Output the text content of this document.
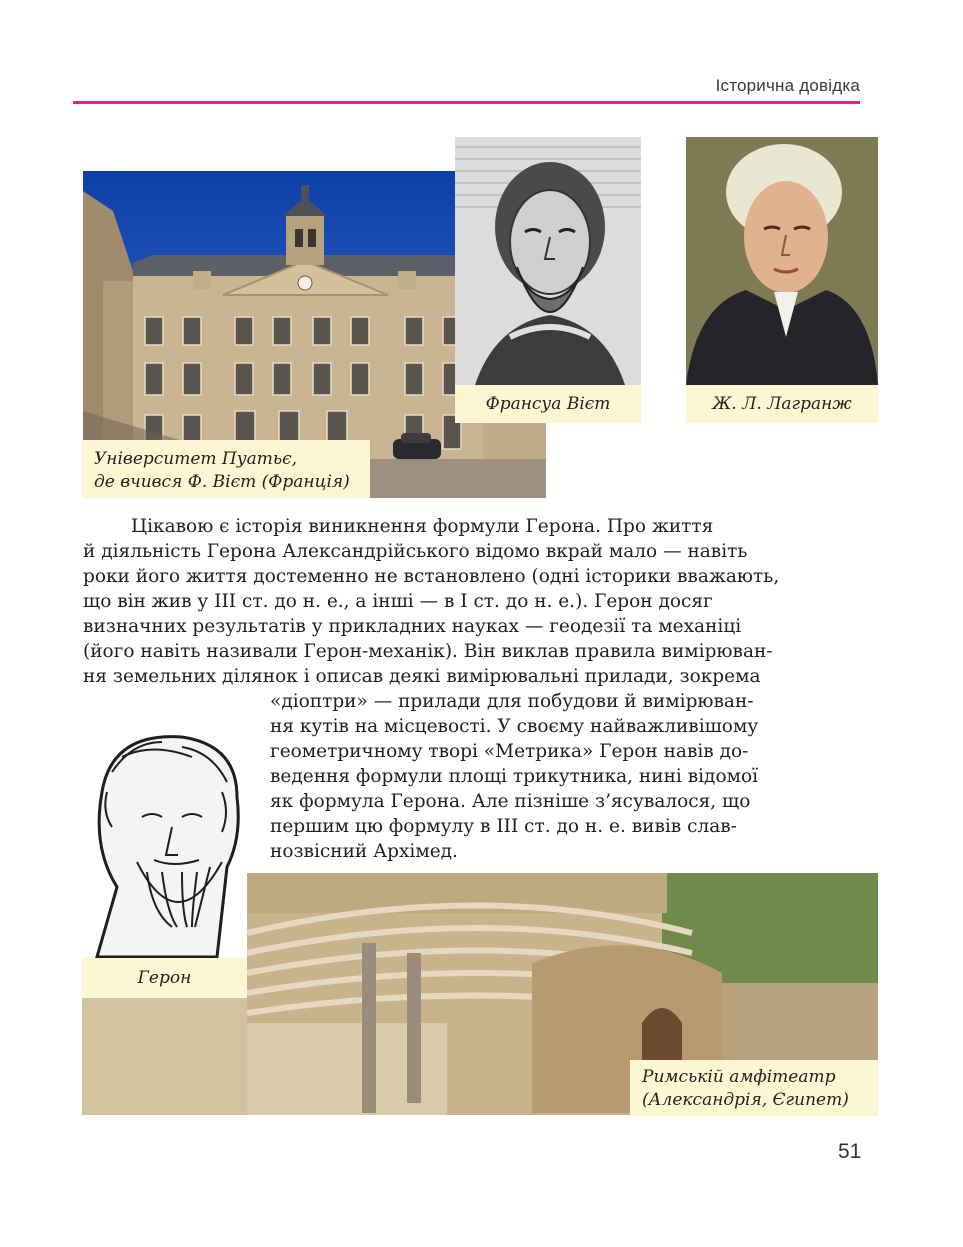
Історична довідка
Університет Пуатьє,
де вчився Ф. Вієт (Франція)
Франсуа Вієт	Ж. Л. Лагранж
Цікавою є історія виникнення формули Герона. Про життя
й діяльність Герона Александрійського відомо вкрай мало — навіть
роки його життя достеменно не встановлено (одні історики вважають,
що він жив у III ст. до н. е., а інші — в I ст. до н. е.). Герон досяг
визначних результатів у прикладних науках — геодезії та механіці
(його навіть називали Герон-механік). Він виклав правила вимірюван-
ня земельних ділянок і описав деякі вимірювальні прилади, зокрема
«діоптри» — прилади для побудови й вимірюван-
ня кутів на місцевості. У своєму найважливішому
геометричному творі «Метрика» Герон навів до-
ведення формули площі трикутника, нині відомої
як формула Герона. Але пізніше з’ясувалося, що
першим цю формулу в III ст. до н. е. вивів слав-
нозвісний Архімед.
Герон
Римській амфітеатр
(Александрія, Єгипет)
51
